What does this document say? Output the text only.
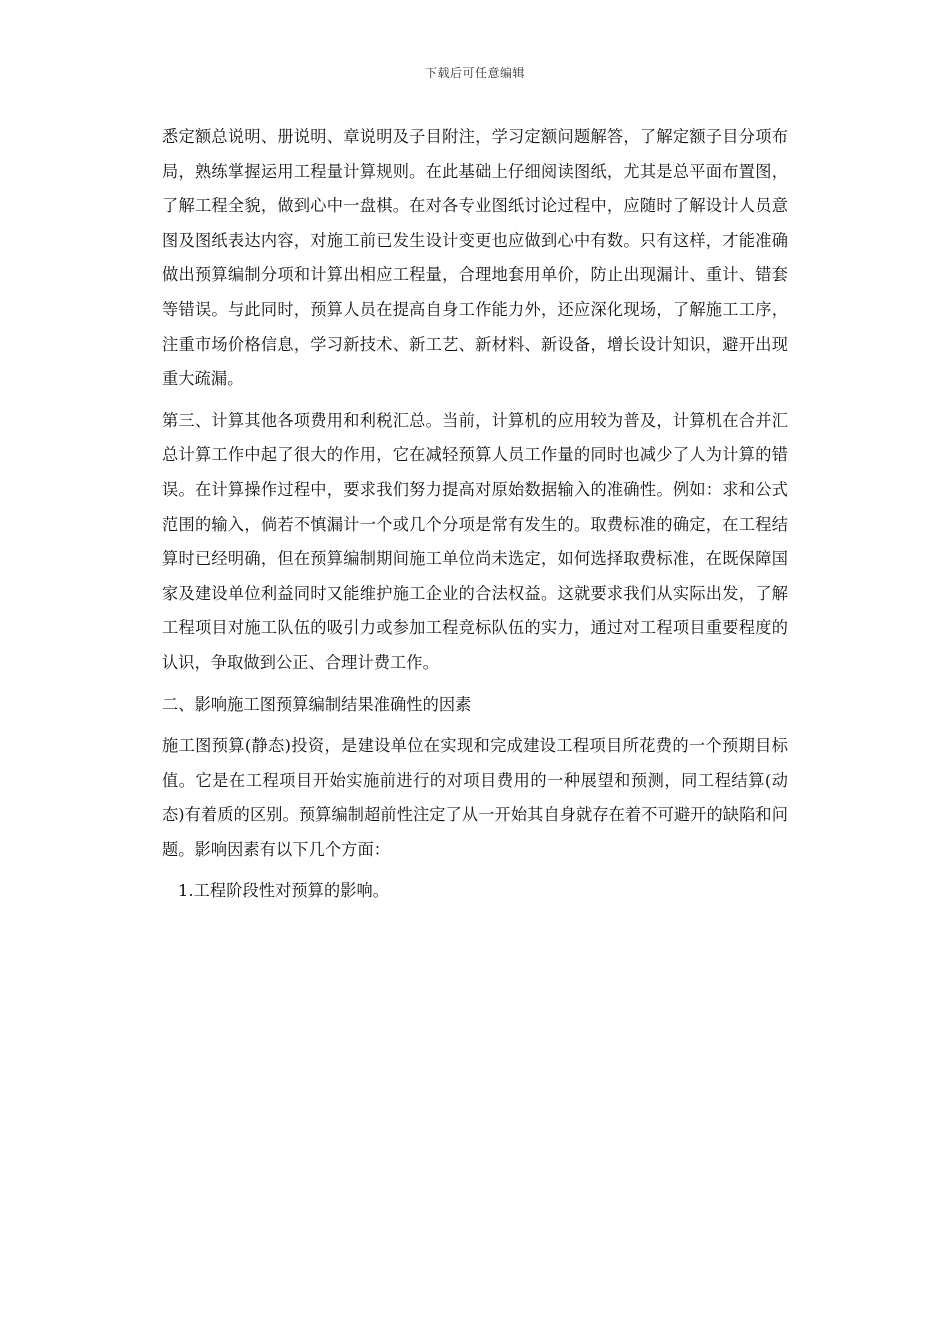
下载后可任意编辑

悉定额总说明、册说明、章说明及子目附注，学习定额问题解答，了解定额子目分项布局，熟练掌握运用工程量计算规则。在此基础上仔细阅读图纸，尤其是总平面布置图，了解工程全貌，做到心中一盘棋。在对各专业图纸讨论过程中，应随时了解设计人员意图及图纸表达内容，对施工前已发生设计变更也应做到心中有数。只有这样，才能准确做出预算编制分项和计算出相应工程量，合理地套用单价，防止出现漏计、重计、错套等错误。与此同时，预算人员在提高自身工作能力外，还应深化现场，了解施工工序，注重市场价格信息，学习新技术、新工艺、新材料、新设备，增长设计知识，避开出现重大疏漏。

第三、计算其他各项费用和利税汇总。当前，计算机的应用较为普及，计算机在合并汇总计算工作中起了很大的作用，它在减轻预算人员工作量的同时也减少了人为计算的错误。在计算操作过程中，要求我们努力提高对原始数据输入的准确性。例如：求和公式范围的输入，倘若不慎漏计一个或几个分项是常有发生的。取费标准的确定，在工程结算时已经明确，但在预算编制期间施工单位尚未选定，如何选择取费标准，在既保障国家及建设单位利益同时又能维护施工企业的合法权益。这就要求我们从实际出发，了解工程项目对施工队伍的吸引力或参加工程竞标队伍的实力，通过对工程项目重要程度的认识，争取做到公正、合理计费工作。

二、影响施工图预算编制结果准确性的因素

施工图预算(静态)投资，是建设单位在实现和完成建设工程项目所花费的一个预期目标值。它是在工程项目开始实施前进行的对项目费用的一种展望和预测，同工程结算(动态)有着质的区别。预算编制超前性注定了从一开始其自身就存在着不可避开的缺陷和问题。影响因素有以下几个方面：

1.工程阶段性对预算的影响。
